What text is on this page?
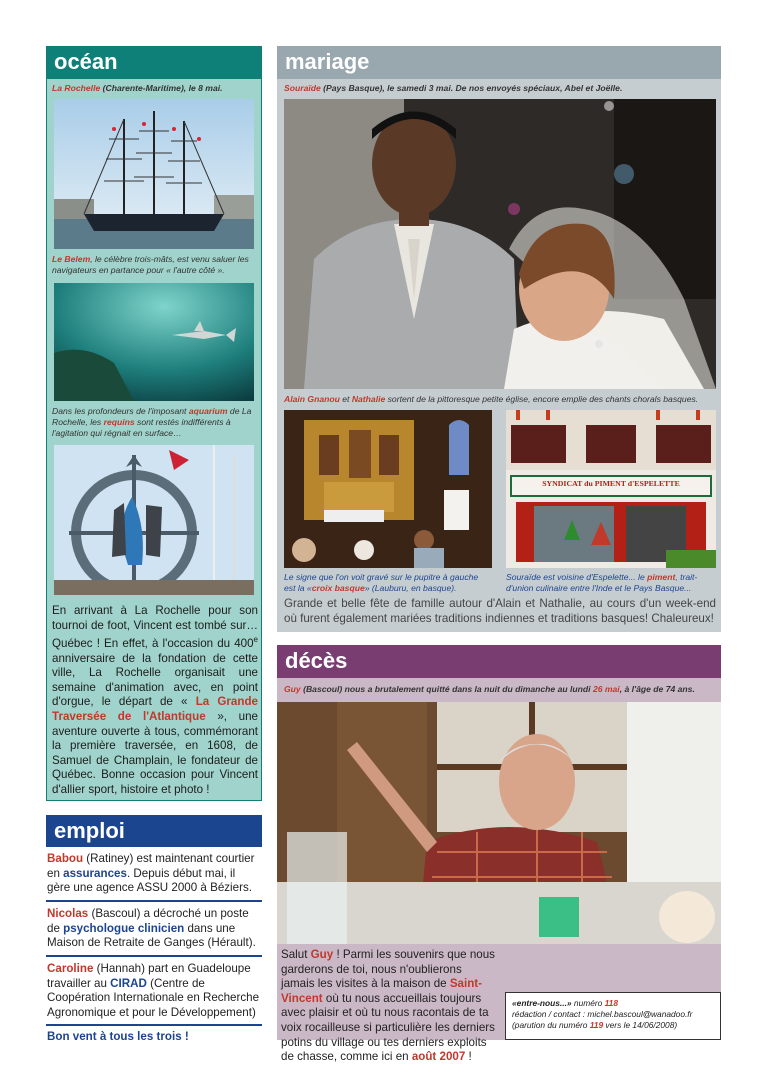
océan
La Rochelle (Charente-Maritime), le 8 mai.
Le Belem, le célèbre trois-mâts, est venu saluer les navigateurs en partance pour « l'autre côté ».
Dans les profondeurs de l'imposant aquarium de La Rochelle, les requins sont restés indifférents à l'agitation qui régnait en surface…
En arrivant à La Rochelle pour son tournoi de foot, Vincent est tombé sur…Québec ! En effet, à l'occasion du 400e anniversaire de la fondation de cette ville, La Rochelle organisait une semaine d'animation avec, en point d'orgue, le départ de « La Grande Traversée de l'Atlantique », une aventure ouverte à tous, commémorant la première traversée, en 1608, de Samuel de Champlain, le fondateur de Québec. Bonne occasion pour Vincent d'allier sport, histoire et photo !
emploi
Babou (Ratiney) est maintenant courtier en assurances. Depuis début mai, il gère une agence ASSU 2000 à Béziers.
Nicolas (Bascoul) a décroché un poste de psychologue clinicien dans une Maison de Retraite de Ganges (Hérault).
Caroline (Hannah) part en Guadeloupe travailler au CIRAD (Centre de Coopération Internationale en Recherche Agronomique et pour le Développement)
Bon vent à tous les trois !
mariage
Souraïde (Pays Basque), le samedi 3 mai. De nos envoyés spéciaux, Abel et Joëlle.
Alain Gnanou et Nathalie sortent de la pittoresque petite église, encore emplie des chants chorals basques.
SYNDICAT du PIMENT d'ESPELETTE
Le signe que l'on voit gravé sur le pupitre à gauche est la «croix basque» (Lauburu, en basque).
Souraïde est voisine d'Espelette... le piment, trait-d'union culinaire entre l'Inde et le Pays Basque...
Grande et belle fête de famille autour d'Alain et Nathalie, au cours d'un week-end où furent également mariées traditions indiennes et traditions basques! Chaleureux!
décès
Guy (Bascoul) nous a brutalement quitté dans la nuit du dimanche au lundi 26 mai, à l'âge de 74 ans.
Salut Guy ! Parmi les souvenirs que nous garderons de toi, nous n'oublierons jamais les visites à la maison de Saint-Vincent où tu nous accueillais toujours avec plaisir et où tu nous racontais de ta voix rocailleuse si particulière les derniers potins du village ou tes derniers exploits de chasse, comme ici en août 2007 !
«entre-nous...» numéro 118
rédaction / contact : michel.bascoul@wanadoo.fr
(parution du numéro 119 vers le 14/06/2008)
